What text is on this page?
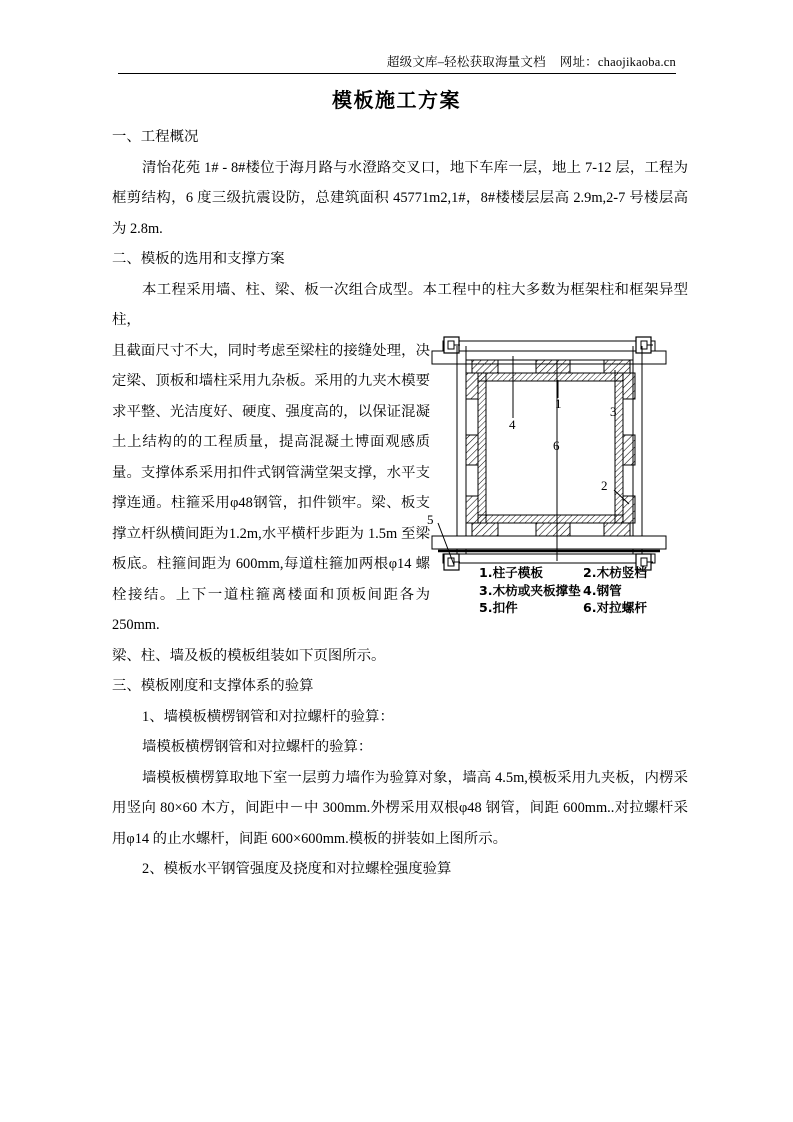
超级文库–轻松获取海量文档 网址：chaojikaoba.cn
模板施工方案

一、工程概况

清怡花苑 1# - 8#楼位于海月路与水澄路交叉口，地下车库一层，地上 7-12 层，工程为框剪结构，6 度三级抗震设防，总建筑面积 45771m2,1#，8#楼楼层层高 2.9m,2-7 号楼层高为 2.8m.

二、模板的选用和支撑方案

本工程采用墙、柱、梁、板一次组合成型。本工程中的柱大多数为框架柱和框架异型柱，

且截面尺寸不大，同时考虑至梁柱的接缝处理，决定梁、顶板和墙柱采用九杂板。采用的九夹木模要求平整、光洁度好、硬度、强度高的，以保证混凝土上结构的的工程质量，提高混凝土博面观感质量。支撑体系采用扣件式钢管满堂架支撑，水平支撑连通。柱箍采用φ48钢管，扣件锁牢。梁、板支撑立杆纵横间距为1.2m,水平横杆步距为 1.5m 至梁板底。柱箍间距为 600mm,每道柱箍加两根φ14 螺栓接结。上下一道柱箍离楼面和顶板间距各为 250mm.

梁、柱、墙及板的模板组装如下页图所示。

三、模板刚度和支撑体系的验算

1、墙模板横楞钢管和对拉螺杆的验算：

墙模板横楞钢管和对拉螺杆的验算：

墙模板横楞算取地下室一层剪力墙作为验算对象，墙高 4.5m,模板采用九夹板，内楞采用竖向 80×60 木方，间距中－中 300mm.外楞采用双根φ48 钢管，间距 600mm..对拉螺杆采用φ14 的止水螺杆，间距 600×600mm.模板的拼装如上图所示。

2、模板水平钢管强度及挠度和对拉螺栓强度验算

1
2
3
4
5
6
1.柱子模板	2.木枋竖档
3.木枋或夹板撑垫 4.钢管
5.扣件	6.对拉螺杆
